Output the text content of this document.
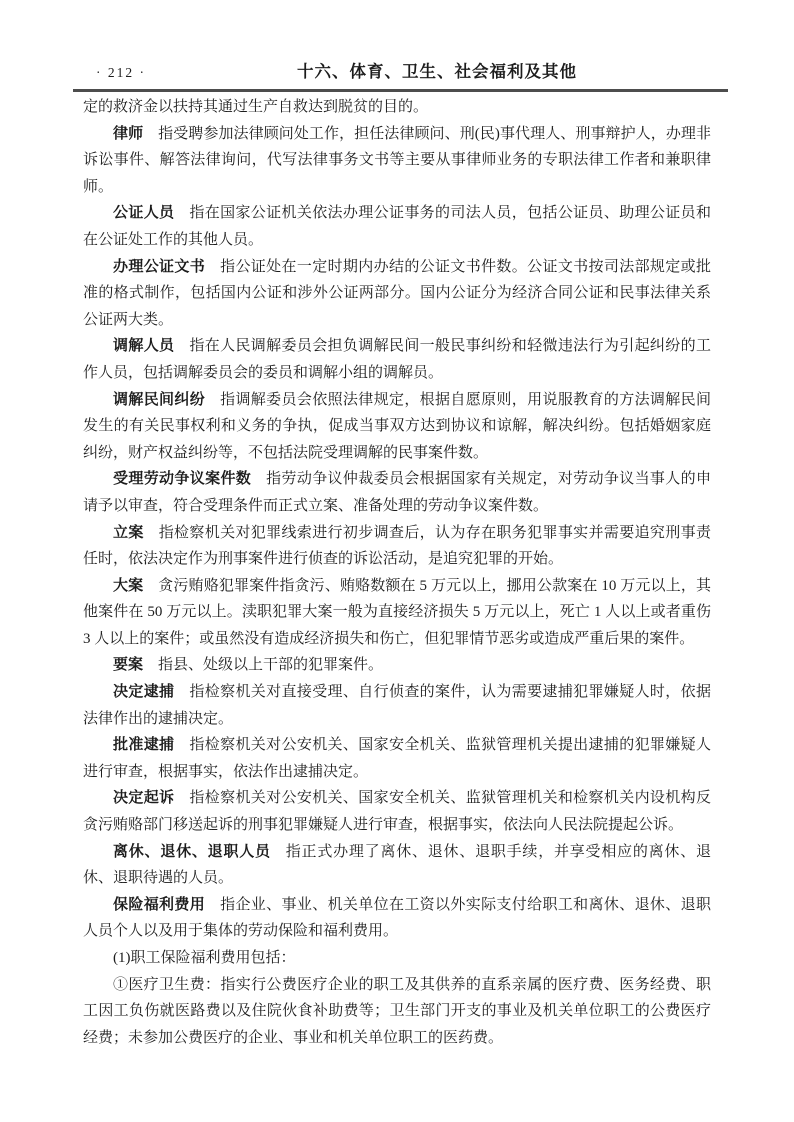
· 212 ·	十六、体育、卫生、社会福利及其他

定的救济金以扶持其通过生产自救达到脱贫的目的。

律师 指受聘参加法律顾问处工作，担任法律顾问、刑(民)事代理人、刑事辩护人，办理非诉讼事件、解答法律询问，代写法律事务文书等主要从事律师业务的专职法律工作者和兼职律师。

公证人员 指在国家公证机关依法办理公证事务的司法人员，包括公证员、助理公证员和在公证处工作的其他人员。

办理公证文书 指公证处在一定时期内办结的公证文书件数。公证文书按司法部规定或批准的格式制作，包括国内公证和涉外公证两部分。国内公证分为经济合同公证和民事法律关系公证两大类。

调解人员 指在人民调解委员会担负调解民间一般民事纠纷和轻微违法行为引起纠纷的工作人员，包括调解委员会的委员和调解小组的调解员。

调解民间纠纷 指调解委员会依照法律规定，根据自愿原则，用说服教育的方法调解民间发生的有关民事权利和义务的争执，促成当事双方达到协议和谅解，解决纠纷。包括婚姻家庭纠纷，财产权益纠纷等，不包括法院受理调解的民事案件数。

受理劳动争议案件数 指劳动争议仲裁委员会根据国家有关规定，对劳动争议当事人的申请予以审查，符合受理条件而正式立案、准备处理的劳动争议案件数。

立案 指检察机关对犯罪线索进行初步调查后，认为存在职务犯罪事实并需要追究刑事责任时，依法决定作为刑事案件进行侦查的诉讼活动，是追究犯罪的开始。

大案 贪污贿赂犯罪案件指贪污、贿赂数额在 5 万元以上，挪用公款案在 10 万元以上，其他案件在 50 万元以上。渎职犯罪大案一般为直接经济损失 5 万元以上，死亡 1 人以上或者重伤 3 人以上的案件；或虽然没有造成经济损失和伤亡，但犯罪情节恶劣或造成严重后果的案件。

要案 指县、处级以上干部的犯罪案件。

决定逮捕 指检察机关对直接受理、自行侦查的案件，认为需要逮捕犯罪嫌疑人时，依据法律作出的逮捕决定。

批准逮捕 指检察机关对公安机关、国家安全机关、监狱管理机关提出逮捕的犯罪嫌疑人进行审查，根据事实，依法作出逮捕决定。

决定起诉 指检察机关对公安机关、国家安全机关、监狱管理机关和检察机关内设机构反贪污贿赂部门移送起诉的刑事犯罪嫌疑人进行审查，根据事实，依法向人民法院提起公诉。

离休、退休、退职人员 指正式办理了离休、退休、退职手续，并享受相应的离休、退休、退职待遇的人员。

保险福利费用 指企业、事业、机关单位在工资以外实际支付给职工和离休、退休、退职人员个人以及用于集体的劳动保险和福利费用。

(1)职工保险福利费用包括：

①医疗卫生费：指实行公费医疗企业的职工及其供养的直系亲属的医疗费、医务经费、职工因工负伤就医路费以及住院伙食补助费等；卫生部门开支的事业及机关单位职工的公费医疗经费；未参加公费医疗的企业、事业和机关单位职工的医药费。
